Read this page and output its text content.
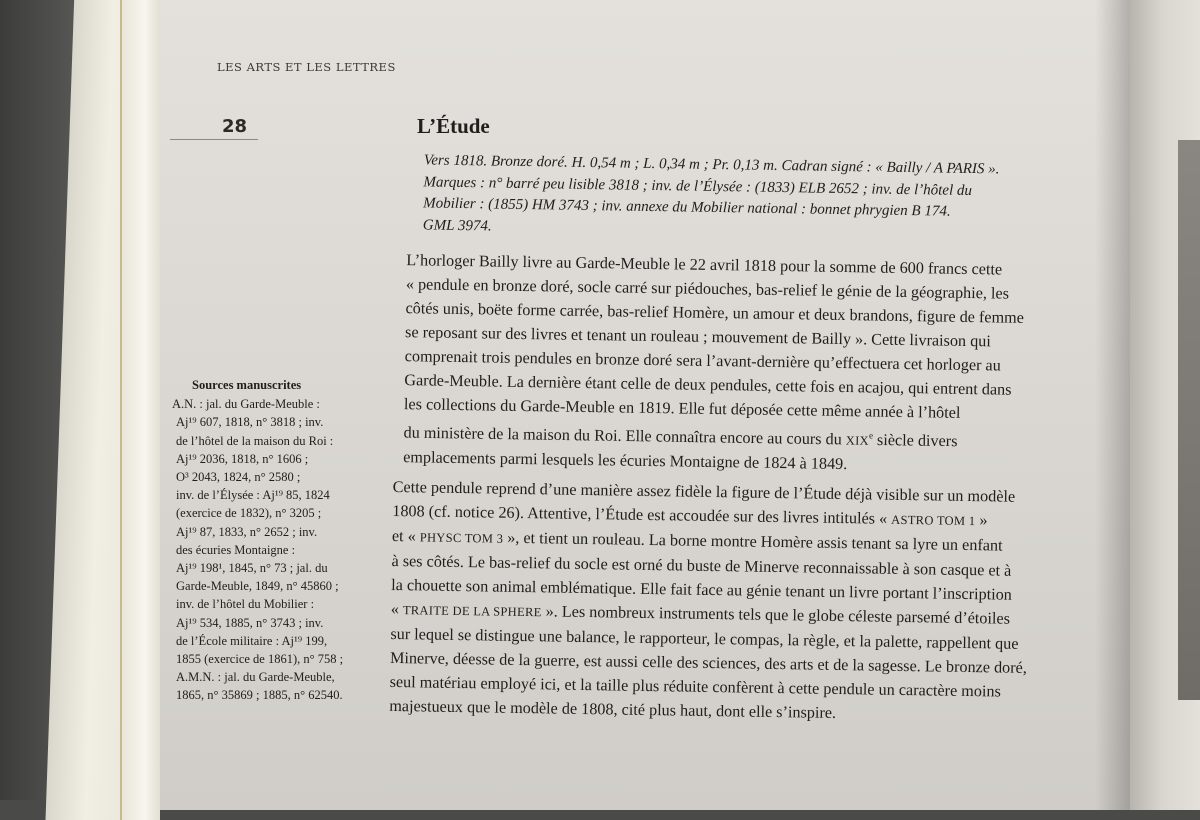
LES ARTS ET LES LETTRES
28	L’Étude
Sources manuscrites
A.N. : jal. du Garde-Meuble :
Aj¹⁹ 607, 1818, n° 3818 ; inv.
de l’hôtel de la maison du Roi :
Aj¹⁹ 2036, 1818, n° 1606 ;
O³ 2043, 1824, n° 2580 ;
inv. de l’Élysée : Aj¹⁹ 85, 1824
(exercice de 1832), n° 3205 ;
Aj¹⁹ 87, 1833, n° 2652 ; inv.
des écuries Montaigne :
Aj¹⁹ 198¹, 1845, n° 73 ; jal. du
Garde-Meuble, 1849, n° 45860 ;
inv. de l’hôtel du Mobilier :
Aj¹⁹ 534, 1885, n° 3743 ; inv.
de l’École militaire : Aj¹⁹ 199,
1855 (exercice de 1861), n° 758 ;
A.M.N. : jal. du Garde-Meuble,
1865, n° 35869 ; 1885, n° 62540.
Vers 1818. Bronze doré. H. 0,54 m ; L. 0,34 m ; Pr. 0,13 m. Cadran signé : « Bailly / A PARIS ».
Marques : n° barré peu lisible 3818 ; inv. de l’Élysée : (1833) ELB 2652 ; inv. de l’hôtel du
Mobilier : (1855) HM 3743 ; inv. annexe du Mobilier national : bonnet phrygien B 174.
GML 3974.
L’horloger Bailly livre au Garde-Meuble le 22 avril 1818 pour la somme de 600 francs cette
« pendule en bronze doré, socle carré sur piédouches, bas-relief le génie de la géographie, les
côtés unis, boëte forme carrée, bas-relief Homère, un amour et deux brandons, figure de femme
se reposant sur des livres et tenant un rouleau ; mouvement de Bailly ». Cette livraison qui
comprenait trois pendules en bronze doré sera l’avant-dernière qu’effectuera cet horloger au
Garde-Meuble. La dernière étant celle de deux pendules, cette fois en acajou, qui entrent dans
les collections du Garde-Meuble en 1819. Elle fut déposée cette même année à l’hôtel
du ministère de la maison du Roi. Elle connaîtra encore au cours du XIXe siècle divers
emplacements parmi lesquels les écuries Montaigne de 1824 à 1849.
Cette pendule reprend d’une manière assez fidèle la figure de l’Étude déjà visible sur un modèle
1808 (cf. notice 26). Attentive, l’Étude est accoudée sur des livres intitulés « ASTRO TOM 1 »
et « PHYSC TOM 3 », et tient un rouleau. La borne montre Homère assis tenant sa lyre un enfant
à ses côtés. Le bas-relief du socle est orné du buste de Minerve reconnaissable à son casque et à
la chouette son animal emblématique. Elle fait face au génie tenant un livre portant l’inscription
« TRAITE DE LA SPHERE ». Les nombreux instruments tels que le globe céleste parsemé d’étoiles
sur lequel se distingue une balance, le rapporteur, le compas, la règle, et la palette, rappellent que
Minerve, déesse de la guerre, est aussi celle des sciences, des arts et de la sagesse. Le bronze doré,
seul matériau employé ici, et la taille plus réduite confèrent à cette pendule un caractère moins
majestueux que le modèle de 1808, cité plus haut, dont elle s’inspire.
